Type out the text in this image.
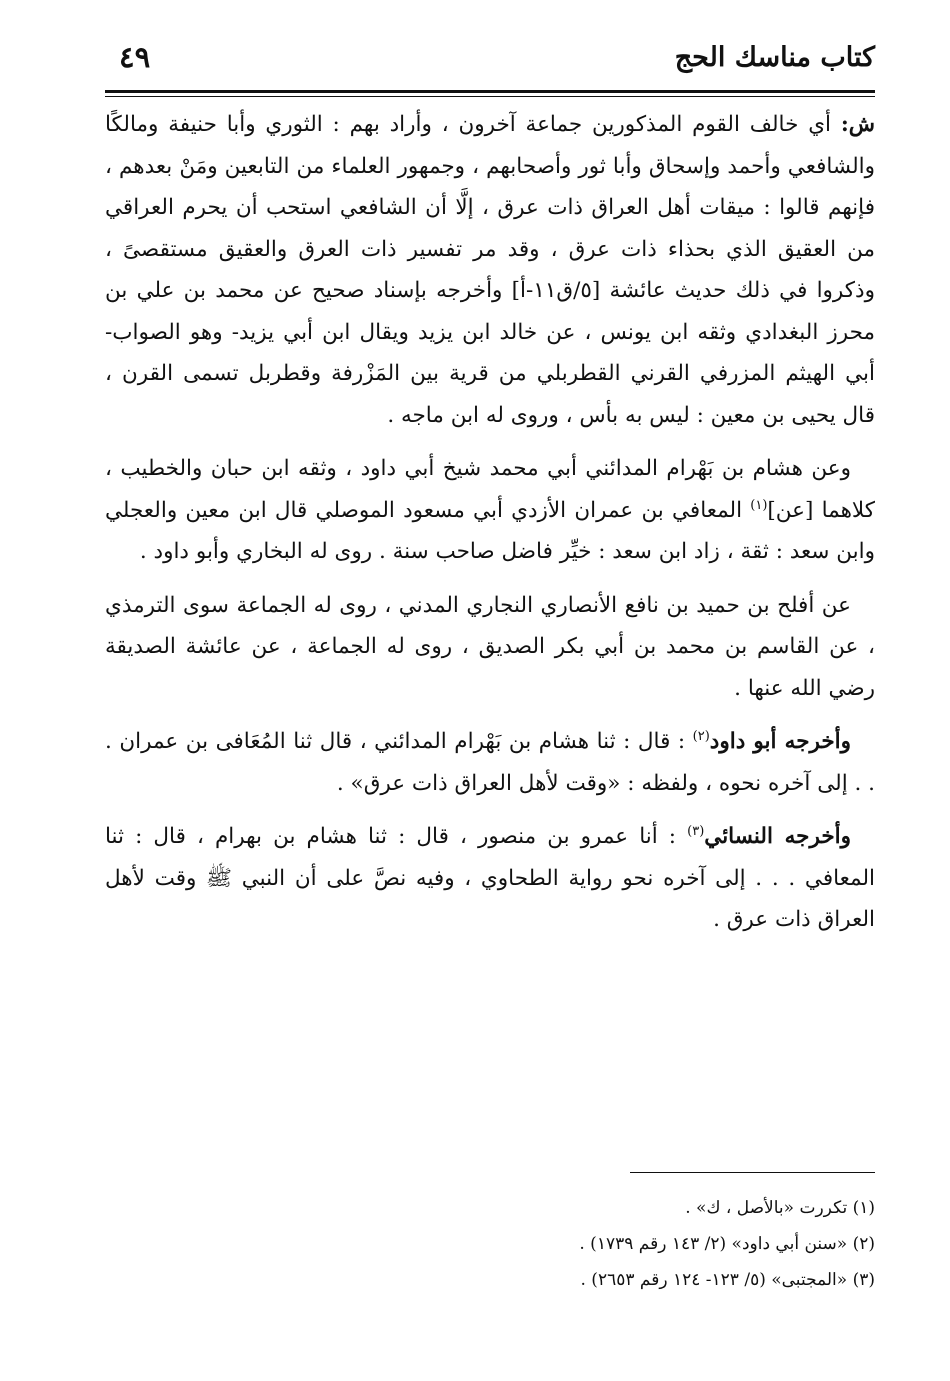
كتاب مناسك الحج
٤٩

ش: أي خالف القوم المذكورين جماعة آخرون ، وأراد بهم : الثوري وأبا حنيفة ومالكًا والشافعي وأحمد وإسحاق وأبا ثور وأصحابهم ، وجمهور العلماء من التابعين ومَنْ بعدهم ، فإنهم قالوا : ميقات أهل العراق ذات عرق ، إلَّا أن الشافعي استحب أن يحرم العراقي من العقيق الذي بحذاء ذات عرق ، وقد مر تفسير ذات العرق والعقيق مستقصىً ، وذكروا في ذلك حديث عائشة [٥/ق١١-أ] وأخرجه بإسناد صحيح عن محمد بن علي بن محرز البغدادي وثقه ابن يونس ، عن خالد ابن يزيد ويقال ابن أبي يزيد- وهو الصواب- أبي الهيثم المزرفي القرني القطربلي من قرية بين المَزْرفة وقطربل تسمى القرن ، قال يحيى بن معين : ليس به بأس ، وروى له ابن ماجه .

وعن هشام بن بَهْرام المدائني أبي محمد شيخ أبي داود ، وثقه ابن حبان والخطيب ، كلاهما [عن]$^{(١)}$ المعافي بن عمران الأزدي أبي مسعود الموصلي قال ابن معين والعجلي وابن سعد : ثقة ، زاد ابن سعد : خيِّر فاضل صاحب سنة . روى له البخاري وأبو داود .

عن أفلح بن حميد بن نافع الأنصاري النجاري المدني ، روى له الجماعة سوى الترمذي ، عن القاسم بن محمد بن أبي بكر الصديق ، روى له الجماعة ، عن عائشة الصديقة رضي الله عنها .

وأخرجه أبو داود$^{(٢)}$ : قال : ثنا هشام بن بَهْرام المدائني ، قال ثنا المُعَافى بن عمران . . . إلى آخره نحوه ، ولفظه : «وقت لأهل العراق ذات عرق» .

وأخرجه النسائي$^{(٣)}$ : أنا عمرو بن منصور ، قال : ثنا هشام بن بهرام ، قال : ثنا المعافي . . . إلى آخره نحو رواية الطحاوي ، وفيه نصَّ على أن النبي ﷺ وقت لأهل العراق ذات عرق .

(١) تكررت «بالأصل ، ك» .
(٢) «سنن أبي داود» (٢/ ١٤٣ رقم ١٧٣٩) .
(٣) «المجتبى» (٥/ ١٢٣- ١٢٤ رقم ٢٦٥٣) .
